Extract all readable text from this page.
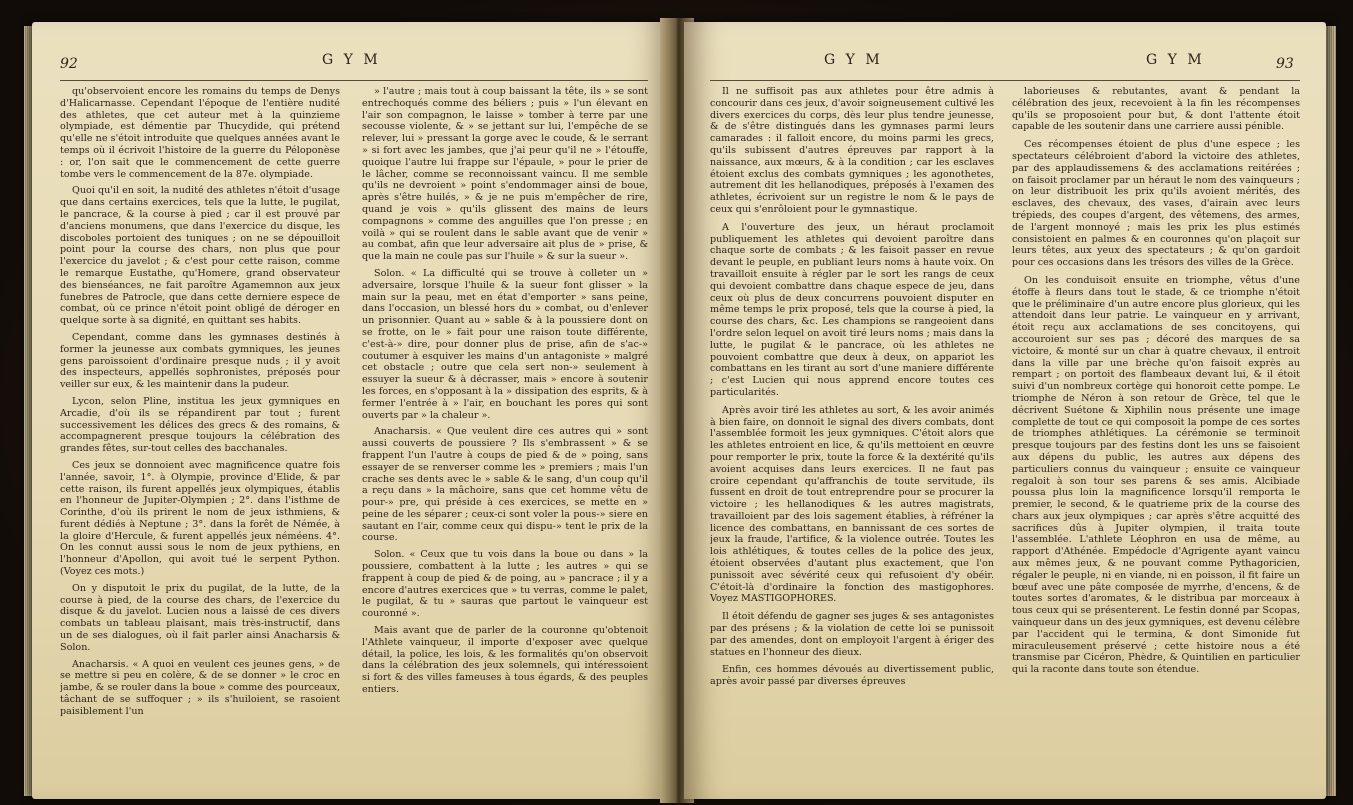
92	G Y M

qu'observoient encore les romains du temps de Denys d'Halicarnasse. Cependant l'époque de l'entière nudité des athletes, que cet auteur met à la quinzieme olympiade, est démentie par Thucydide, qui prétend qu'elle ne s'étoit introduite que quelques années avant le temps où il écrivoit l'histoire de la guerre du Péloponèse : or, l'on sait que le commencement de cette guerre tombe vers le commencement de la 87e. olympiade.

Quoi qu'il en soit, la nudité des athletes n'étoit d'usage que dans certains exercices, tels que la lutte, le pugilat, le pancrace, & la course à pied ; car il est prouvé par d'anciens monumens, que dans l'exercice du disque, les discoboles portoient des tuniques ; on ne se dépouilloit point pour la course des chars, non plus que pour l'exercice du javelot ; & c'est pour cette raison, comme le remarque Eustathe, qu'Homere, grand observateur des bienséances, ne fait paroître Agamemnon aux jeux funebres de Patrocle, que dans cette derniere espece de combat, où ce prince n'étoit point obligé de déroger en quelque sorte à sa dignité, en quittant ses habits.

Cependant, comme dans les gymnases destinés à former la jeunesse aux combats gymniques, les jeunes gens paroissoient d'ordinaire presque nuds ; il y avoit des inspecteurs, appellés sophronistes, préposés pour veiller sur eux, & les maintenir dans la pudeur.

Lycon, selon Pline, institua les jeux gymniques en Arcadie, d'où ils se répandirent par tout ; furent successivement les délices des grecs & des romains, & accompagnerent presque toujours la célébration des grandes fêtes, sur-tout celles des bacchanales.

Ces jeux se donnoient avec magnificence quatre fois l'année, savoir, 1°. à Olympie, province d'Elide, & par cette raison, ils furent appellés jeux olympiques, établis en l'honneur de Jupiter-Olympien ; 2°. dans l'isthme de Corinthe, d'où ils prirent le nom de jeux isthmiens, & furent dédiés à Neptune ; 3°. dans la forêt de Némée, à la gloire d'Hercule, & furent appellés jeux néméens. 4°. On les connut aussi sous le nom de jeux pythiens, en l'honneur d'Apollon, qui avoit tué le serpent Python. (Voyez ces mots.)

On y disputoit le prix du pugilat, de la lutte, de la course à pied, de la course des chars, de l'exercice du disque & du javelot. Lucien nous a laissé de ces divers combats un tableau plaisant, mais très-instructif, dans un de ses dialogues, où il fait parler ainsi Anacharsis & Solon.

Anacharsis. « A quoi en veulent ces jeunes gens, » de se mettre si peu en colère, & de se donner » le croc en jambe, & se rouler dans la boue » comme des pourceaux, tâchant de se suffoquer ; » ils s'huiloient, se rasoient paisiblement l'un

» l'autre ; mais tout à coup baissant la tête, ils » se sont entrechoqués comme des béliers ; puis » l'un élevant en l'air son compagnon, le laisse » tomber à terre par une secousse violente, & » se jettant sur lui, l'empêche de se relever, lui » pressant la gorge avec le coude, & le serrant » si fort avec les jambes, que j'ai peur qu'il ne » l'étouffe, quoique l'autre lui frappe sur l'épaule, » pour le prier de le lâcher, comme se reconnoissant vaincu. Il me semble qu'ils ne devroient » point s'endommager ainsi de boue, après s'être huilés, » & je ne puis m'empêcher de rire, quand je vois » qu'ils glissent des mains de leurs compagnons » comme des anguilles que l'on presse ; en voilà » qui se roulent dans le sable avant que de venir » au combat, afin que leur adversaire ait plus de » prise, & que la main ne coule pas sur l'huile » & sur la sueur ».

Solon. « La difficulté qui se trouve à colleter un » adversaire, lorsque l'huile & la sueur font glisser » la main sur la peau, met en état d'emporter » sans peine, dans l'occasion, un blessé hors du » combat, ou d'enlever un prisonnier. Quant au » sable & à la poussiere dont on se frotte, on le » fait pour une raison toute différente, c'est-à-» dire, pour donner plus de prise, afin de s'ac-» coutumer à esquiver les mains d'un antagoniste » malgré cet obstacle ; outre que cela sert non-» seulement à essuyer la sueur & à décrasser, mais » encore à soutenir les forces, en s'opposant à la » dissipation des esprits, & à fermer l'entrée à » l'air, en bouchant les pores qui sont ouverts par » la chaleur ».

Anacharsis. « Que veulent dire ces autres qui » sont aussi couverts de poussiere ? Ils s'embrassent » & se frappent l'un l'autre à coups de pied & de » poing, sans essayer de se renverser comme les » premiers ; mais l'un crache ses dents avec le » sable & le sang, d'un coup qu'il a reçu dans » la mâchoire, sans que cet homme vêtu de pour-» pre, qui préside à ces exercices, se mette en » peine de les séparer ; ceux-ci sont voler la pous-» siere en sautant en l'air, comme ceux qui dispu-» tent le prix de la course.

Solon. « Ceux que tu vois dans la boue ou dans » la poussiere, combattent à la lutte ; les autres » qui se frappent à coup de pied & de poing, au » pancrace ; il y a encore d'autres exercices que » tu verras, comme le palet, le pugilat, & tu » sauras que partout le vainqueur est couronné ».

Mais avant que de parler de la couronne qu'obtenoit l'Athlete vainqueur, il importe d'exposer avec quelque détail, la police, les lois, & les formalités qu'on observoit dans la célébration des jeux solemnels, qui intéressoient si fort & des villes fameuses à tous égards, & des peuples entiers.

G Y M	G Y M	93

Il ne suffisoit pas aux athletes pour être admis à concourir dans ces jeux, d'avoir soigneusement cultivé les divers exercices du corps, dès leur plus tendre jeunesse, & de s'être distingués dans les gymnases parmi leurs camarades : il falloit encore, du moins parmi les grecs, qu'ils subissent d'autres épreuves par rapport à la naissance, aux mœurs, & à la condition ; car les esclaves étoient exclus des combats gymniques ; les agonothetes, autrement dit les hellanodiques, préposés à l'examen des athletes, écrivoient sur un registre le nom & le pays de ceux qui s'enrôloient pour le gymnastique.

A l'ouverture des jeux, un héraut proclamoit publiquement les athletes qui devoient paroître dans chaque sorte de combats ; & les faisoit passer en revue devant le peuple, en publiant leurs noms à haute voix. On travailloit ensuite à régler par le sort les rangs de ceux qui devoient combattre dans chaque espece de jeu, dans ceux où plus de deux concurrens pouvoient disputer en même temps le prix proposé, tels que la course à pied, la course des chars, &c. Les champions se rangeoient dans l'ordre selon lequel on avoit tiré leurs noms ; mais dans la lutte, le pugilat & le pancrace, où les athletes ne pouvoient combattre que deux à deux, on appariot les combattans en les tirant au sort d'une maniere différente ; c'est Lucien qui nous apprend encore toutes ces particularités.

Après avoir tiré les athletes au sort, & les avoir animés à bien faire, on donnoit le signal des divers combats, dont l'assemblée formoit les jeux gymniques. C'étoit alors que les athletes entroient en lice, & qu'ils mettoient en œuvre pour remporter le prix, toute la force & la dextérité qu'ils avoient acquises dans leurs exercices. Il ne faut pas croire cependant qu'affranchis de toute servitude, ils fussent en droit de tout entreprendre pour se procurer la victoire ; les hellanodiques & les autres magistrats, travailloient par des lois sagement établies, à réfréner la licence des combattans, en bannissant de ces sortes de jeux la fraude, l'artifice, & la violence outrée. Toutes les lois athlétiques, & toutes celles de la police des jeux, étoient observées d'autant plus exactement, que l'on punissoit avec sévérité ceux qui refusoient d'y obéir. C'étoit-là d'ordinaire la fonction des mastigophores. Voyez MASTIGOPHORES.

Il étoit défendu de gagner ses juges & ses antagonistes par des présens ; & la violation de cette loi se punissoit par des amendes, dont on employoit l'argent à ériger des statues en l'honneur des dieux.

Enfin, ces hommes dévoués au divertissement public, après avoir passé par diverses épreuves

laborieuses & rebutantes, avant & pendant la célébration des jeux, recevoient à la fin les récompenses qu'ils se proposoient pour but, & dont l'attente étoit capable de les soutenir dans une carriere aussi pénible.

Ces récompenses étoient de plus d'une espece ; les spectateurs célébroient d'abord la victoire des athletes, par des applaudissemens & des acclamations reitérées ; on faisoit proclamer par un héraut le nom des vainqueurs ; on leur distribuoit les prix qu'ils avoient mérités, des esclaves, des chevaux, des vases, d'airain avec leurs trépieds, des coupes d'argent, des vêtemens, des armes, de l'argent monnoyé ; mais les prix les plus estimés consistoient en palmes & en couronnes qu'on plaçoit sur leurs têtes, aux yeux des spectateurs ; & qu'on gardoit pour ces occasions dans les trésors des villes de la Grèce.

On les conduisoit ensuite en triomphe, vêtus d'une étoffe à fleurs dans tout le stade, & ce triomphe n'étoit que le préliminaire d'un autre encore plus glorieux, qui les attendoit dans leur patrie. Le vainqueur en y arrivant, étoit reçu aux acclamations de ses concitoyens, qui accouroient sur ses pas ; décoré des marques de sa victoire, & monté sur un char à quatre chevaux, il entroit dans la ville par une brèche qu'on faisoit exprès au rempart ; on portoit des flambeaux devant lui, & il étoit suivi d'un nombreux cortège qui honoroit cette pompe. Le triomphe de Néron à son retour de Grèce, tel que le décrivent Suétone & Xiphilin nous présente une image complette de tout ce qui composoit la pompe de ces sortes de triomphes athlétiques. La cérémonie se terminoit presque toujours par des festins dont les uns se faisoient aux dépens du public, les autres aux dépens des particuliers connus du vainqueur ; ensuite ce vainqueur regaloit à son tour ses parens & ses amis. Alcibiade poussa plus loin la magnificence lorsqu'il remporta le premier, le second, & le quatrieme prix de la course des chars aux jeux olympiques ; car après s'être acquitté des sacrifices dûs à Jupiter olympien, il traita toute l'assemblée. L'athlete Léophron en usa de même, au rapport d'Athénée. Empédocle d'Agrigente ayant vaincu aux mêmes jeux, & ne pouvant comme Pythagoricien, régaler le peuple, ni en viande, ni en poisson, il fit faire un bœuf avec une pâte composée de myrrhe, d'encens, & de toutes sortes d'aromates, & le distribua par morceaux à tous ceux qui se présenterent. Le festin donné par Scopas, vainqueur dans un des jeux gymniques, est devenu célèbre par l'accident qui le termina, & dont Simonide fut miraculeusement préservé ; cette histoire nous a été transmise par Cicéron, Phèdre, & Quintilien en particulier qui la raconte dans toute son étendue.
